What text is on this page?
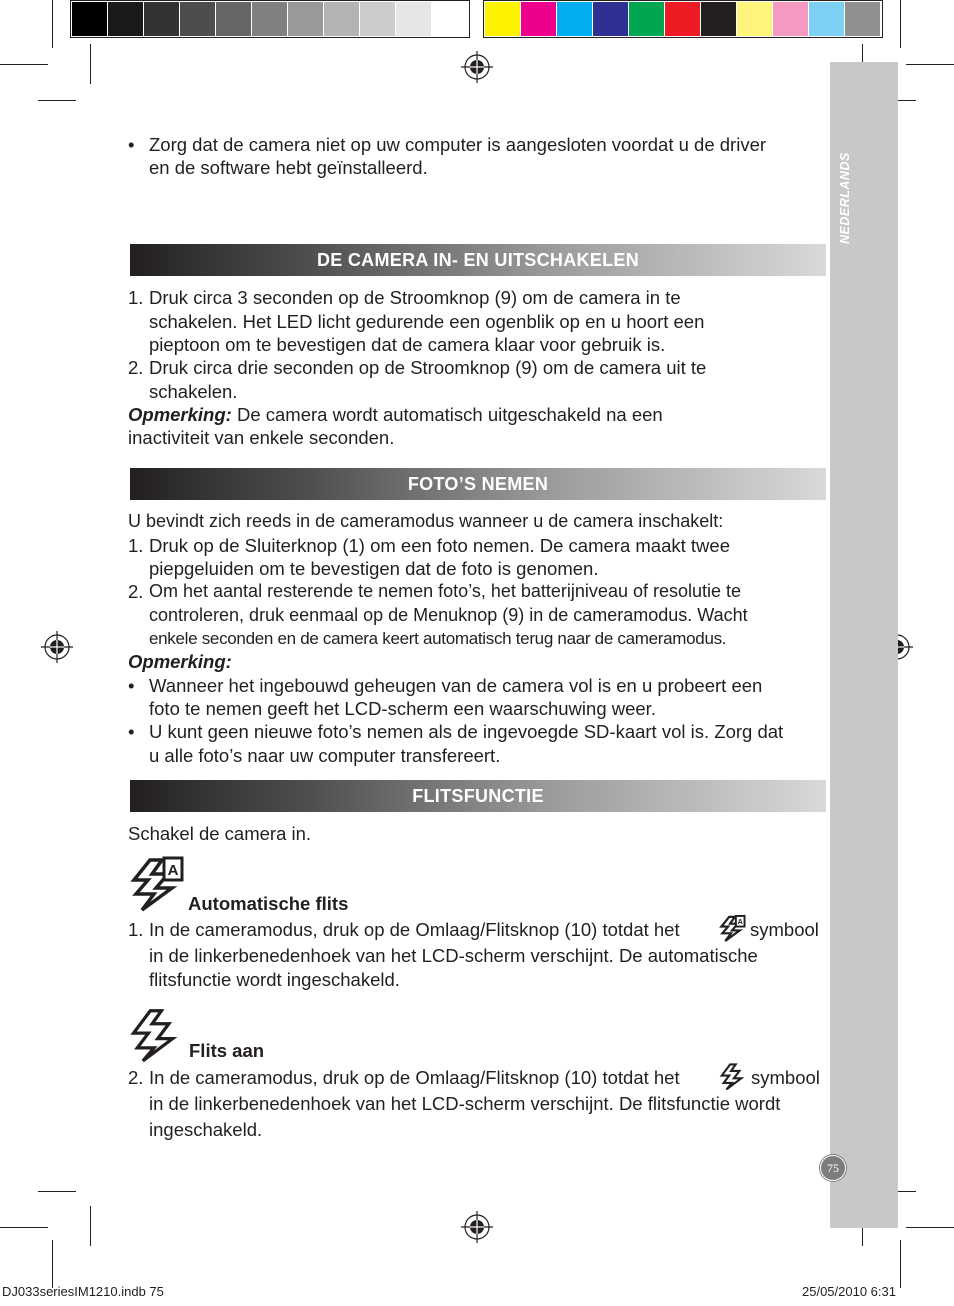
NEDERLANDS
75
• Zorg dat de camera niet op uw computer is aangesloten voordat u de driver
en de software hebt geïnstalleerd.
DE CAMERA IN- EN UITSCHAKELEN
1. Druk circa 3 seconden op de Stroomknop (9) om de camera in te
schakelen. Het LED licht gedurende een ogenblik op en u hoort een
pieptoon om te bevestigen dat de camera klaar voor gebruik is.
2. Druk circa drie seconden op de Stroomknop (9) om de camera uit te
schakelen.
Opmerking: De camera wordt automatisch uitgeschakeld na een
inactiviteit van enkele seconden.
FOTO’S NEMEN
U bevindt zich reeds in de cameramodus wanneer u de camera inschakelt:
1. Druk op de Sluiterknop (1) om een foto nemen. De camera maakt twee
piepgeluiden om te bevestigen dat de foto is genomen.
2. Om het aantal resterende te nemen foto’s, het batterijniveau of resolutie te
controleren, druk eenmaal op de Menuknop (9) in de cameramodus. Wacht
enkele seconden en de camera keert automatisch terug naar de cameramodus.
Opmerking:
• Wanneer het ingebouwd geheugen van de camera vol is en u probeert een
foto te nemen geeft het LCD-scherm een waarschuwing weer.
• U kunt geen nieuwe foto’s nemen als de ingevoegde SD-kaart vol is. Zorg dat
u alle foto’s naar uw computer transfereert.
FLITSFUNCTIE
Schakel de camera in.
A
Automatische flits
1. In de cameramodus, druk op de Omlaag/Flitsknop (10) totdat het	A symbool
in de linkerbenedenhoek van het LCD-scherm verschijnt. De automatische
flitsfunctie wordt ingeschakeld.
Flits aan
2. In de cameramodus, druk op de Omlaag/Flitsknop (10) totdat het	symbool
in de linkerbenedenhoek van het LCD-scherm verschijnt. De flitsfunctie wordt
ingeschakeld.
DJ033seriesIM1210.indb 75	25/05/2010 6:31
